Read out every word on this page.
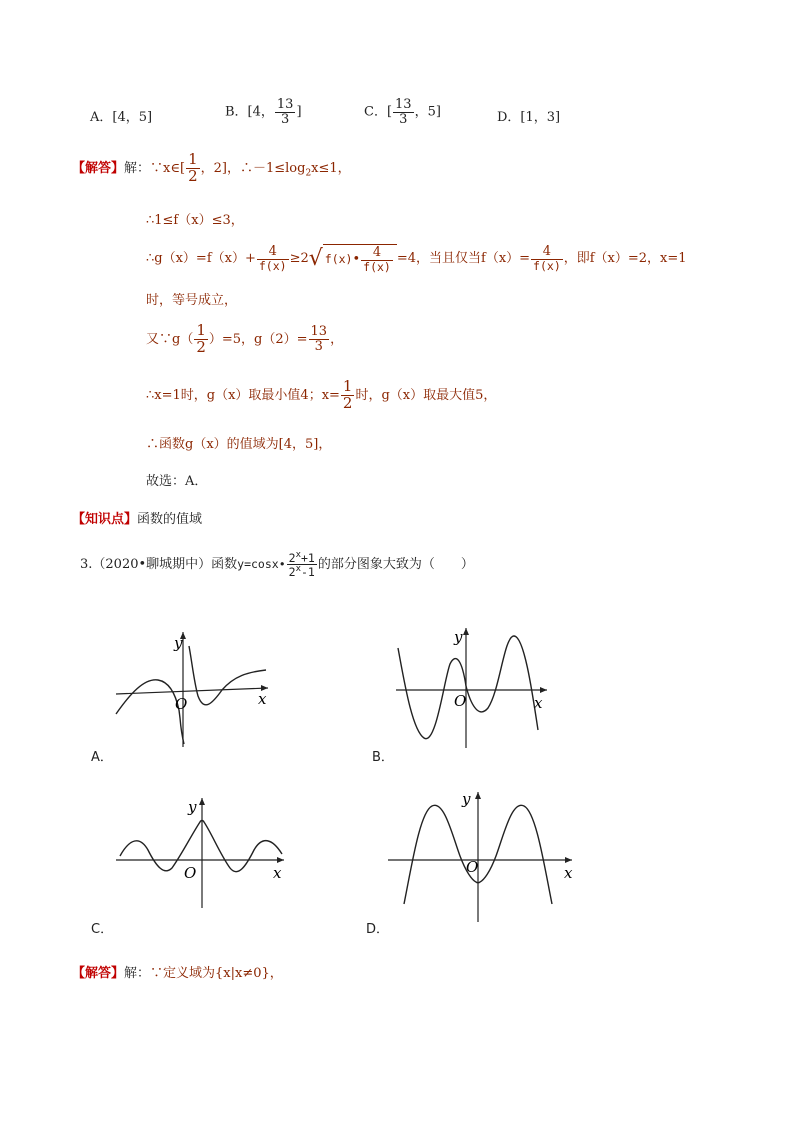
A．[4，5]	B．[4， $\frac{13}{3}$ ]	C．[ $\frac{13}{3}$ ，5]	D．[1，3]
【解答】解：∵x∈[ $\frac{1}{2}$ ，2]，$\therefore-1\le\log_2x\le 1$，
∴1≤f（x）≤3，
∴g（x）=f（x）+ $\frac{4}{f(x)} \ge 2√$ f(x)• $\frac{4}{f(x)} =4$，当且仅当$f(x)= \frac{4}{f(x)}$ ，即f（x）=2，x=1
时，等号成立，
又∵g（ $\frac{1}{2} )=5$，$g(2)= \frac{13}{3}$ ，
∴x=1时，g（x）取最小值4；$x= \frac{1}{2}$ 时，g（x）取最大值5，
∴函数g（x）的值域为[4，5]，
故选：A．
【知识点】函数的值域
3.（2020•聊城期中）函数y=cosx• $\frac{2^x+1}{2^x-1}$ 的部分图象大致为（　　）
y
x
O
A．
y
x
O
B．
y
x
O
C．
y
x
O
D．
【解答】解：∵定义域为{x|x≠0}，
